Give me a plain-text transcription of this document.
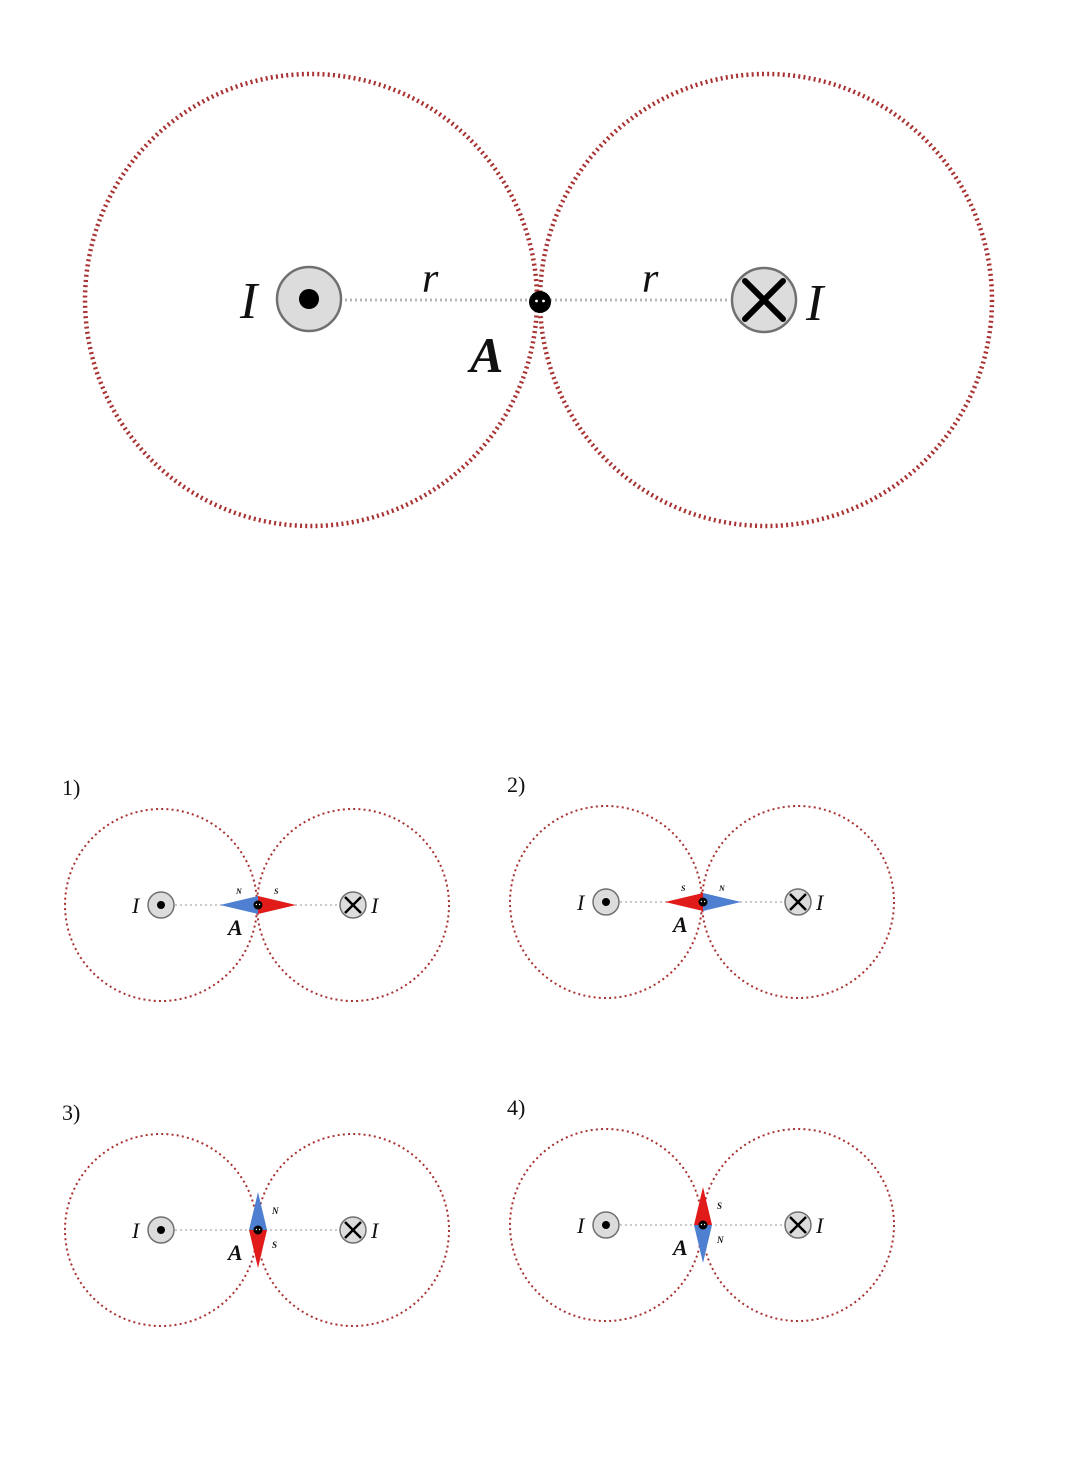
I	I
r	r
A
1)
I	I
N	S
A
2)
I	I
S	N
A
3)
I	I
N
S
A
4)
I	I
S
N
A
